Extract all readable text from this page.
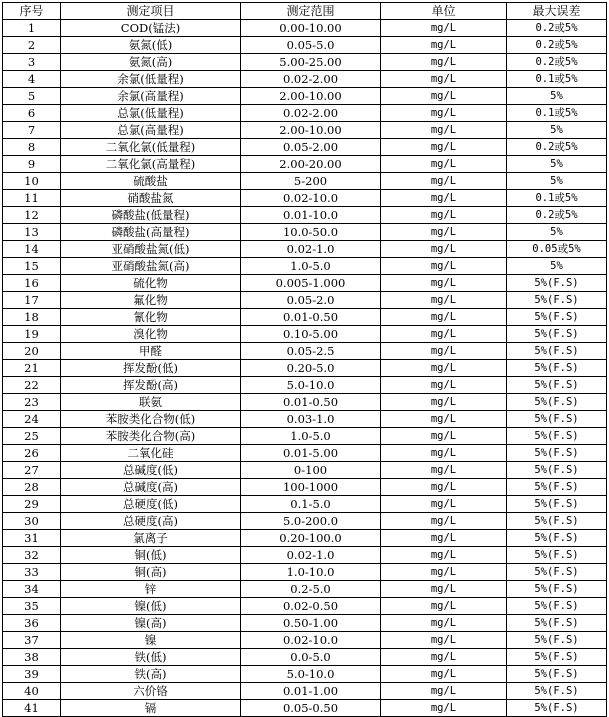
序号	测定项目	测定范围	单位	最大误差
1	COD(锰法)	0.00-10.00	mg/L	0.2或5%
2	氨氮(低)	0.05-5.0	mg/L	0.2或5%
3	氨氮(高)	5.00-25.00	mg/L	0.2或5%
4	余氯(低量程)	0.02-2.00	mg/L	0.1或5%
5	余氯(高量程)	2.00-10.00	mg/L	5%
6	总氯(低量程)	0.02-2.00	mg/L	0.1或5%
7	总氯(高量程)	2.00-10.00	mg/L	5%
8	二氧化氯(低量程)	0.05-2.00	mg/L	0.2或5%
9	二氧化氯(高量程)	2.00-20.00	mg/L	5%
10	硫酸盐	5-200	mg/L	5%
11	硝酸盐氮	0.02-10.0	mg/L	0.1或5%
12	磷酸盐(低量程)	0.01-10.0	mg/L	0.2或5%
13	磷酸盐(高量程)	10.0-50.0	mg/L	5%
14	亚硝酸盐氮(低)	0.02-1.0	mg/L	0.05或5%
15	亚硝酸盐氮(高)	1.0-5.0	mg/L	5%
16	硫化物	0.005-1.000	mg/L	5%(F.S)
17	氟化物	0.05-2.0	mg/L	5%(F.S)
18	氰化物	0.01-0.50	mg/L	5%(F.S)
19	溴化物	0.10-5.00	mg/L	5%(F.S)
20	甲醛	0.05-2.5	mg/L	5%(F.S)
21	挥发酚(低)	0.20-5.0	mg/L	5%(F.S)
22	挥发酚(高)	5.0-10.0	mg/L	5%(F.S)
23	联氨	0.01-0.50	mg/L	5%(F.S)
24	苯胺类化合物(低)	0.03-1.0	mg/L	5%(F.S)
25	苯胺类化合物(高)	1.0-5.0	mg/L	5%(F.S)
26	二氧化硅	0.01-5.00	mg/L	5%(F.S)
27	总碱度(低)	0-100	mg/L	5%(F.S)
28	总碱度(高)	100-1000	mg/L	5%(F.S)
29	总硬度(低)	0.1-5.0	mg/L	5%(F.S)
30	总硬度(高)	5.0-200.0	mg/L	5%(F.S)
31	氯离子	0.20-100.0	mg/L	5%(F.S)
32	铜(低)	0.02-1.0	mg/L	5%(F.S)
33	铜(高)	1.0-10.0	mg/L	5%(F.S)
34	锌	0.2-5.0	mg/L	5%(F.S)
35	镍(低)	0.02-0.50	mg/L	5%(F.S)
36	镍(高)	0.50-1.00	mg/L	5%(F.S)
37	镍	0.02-10.0	mg/L	5%(F.S)
38	铁(低)	0.0-5.0	mg/L	5%(F.S)
39	铁(高)	5.0-10.0	mg/L	5%(F.S)
40	六价铬	0.01-1.00	mg/L	5%(F.S)
41	镉	0.05-0.50	mg/L	5%(F.S)
